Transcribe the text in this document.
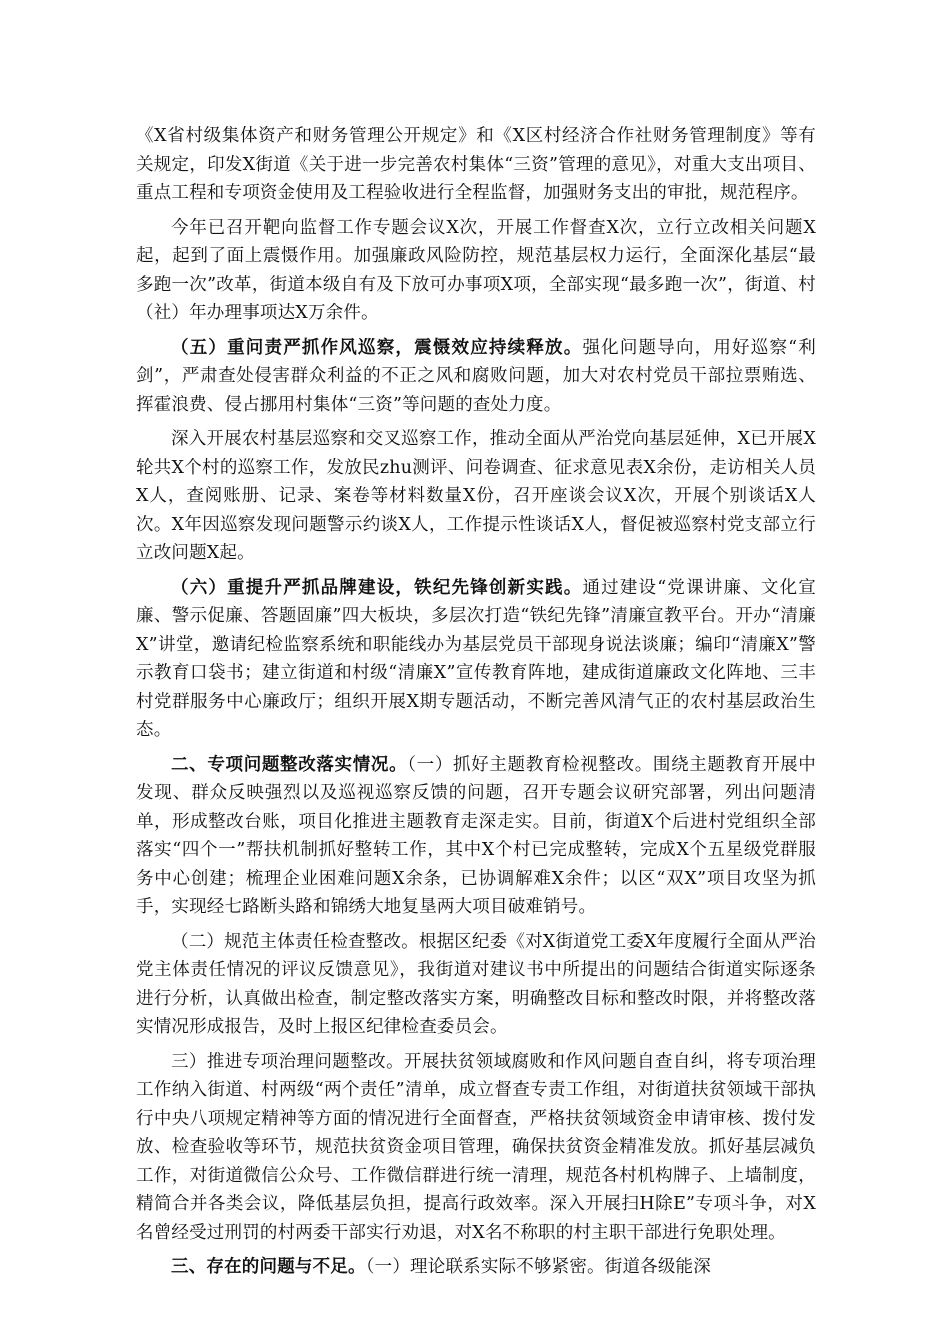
《X省村级集体资产和财务管理公开规定》和《X区村经济合作社财务管理制度》等有关规定，印发X街道《关于进一步完善农村集体“三资”管理的意见》，对重大支出项目、重点工程和专项资金使用及工程验收进行全程监督，加强财务支出的审批，规范程序。

今年已召开靶向监督工作专题会议X次，开展工作督查X次，立行立改相关问题X起，起到了面上震慑作用。加强廉政风险防控，规范基层权力运行，全面深化基层“最多跑一次”改革，街道本级自有及下放可办事项X项，全部实现“最多跑一次”，街道、村（社）年办理事项达X万余件。

（五）重问责严抓作风巡察，震慑效应持续释放。强化问题导向，用好巡察“利剑”，严肃查处侵害群众利益的不正之风和腐败问题，加大对农村党员干部拉票贿选、挥霍浪费、侵占挪用村集体“三资”等问题的查处力度。

深入开展农村基层巡察和交叉巡察工作，推动全面从严治党向基层延伸，X已开展X轮共X个村的巡察工作，发放民zhu测评、问卷调查、征求意见表X余份，走访相关人员X人，查阅账册、记录、案卷等材料数量X份，召开座谈会议X次，开展个别谈话X人次。X年因巡察发现问题警示约谈X人，工作提示性谈话X人，督促被巡察村党支部立行立改问题X起。

（六）重提升严抓品牌建设，铁纪先锋创新实践。通过建设“党课讲廉、文化宣廉、警示促廉、答题固廉”四大板块，多层次打造“铁纪先锋”清廉宣教平台。开办“清廉X”讲堂，邀请纪检监察系统和职能线办为基层党员干部现身说法谈廉；编印“清廉X”警示教育口袋书；建立街道和村级“清廉X”宣传教育阵地，建成街道廉政文化阵地、三丰村党群服务中心廉政厅；组织开展X期专题活动，不断完善风清气正的农村基层政治生态。

二、专项问题整改落实情况。（一）抓好主题教育检视整改。围绕主题教育开展中发现、群众反映强烈以及巡视巡察反馈的问题，召开专题会议研究部署，列出问题清单，形成整改台账，项目化推进主题教育走深走实。目前，街道X个后进村党组织全部落实“四个一”帮扶机制抓好整转工作，其中X个村已完成整转，完成X个五星级党群服务中心创建；梳理企业困难问题X余条，已协调解难X余件；以区“双X”项目攻坚为抓手，实现经七路断头路和锦绣大地复垦两大项目破难销号。

（二）规范主体责任检查整改。根据区纪委《对X街道党工委X年度履行全面从严治党主体责任情况的评议反馈意见》，我街道对建议书中所提出的问题结合街道实际逐条进行分析，认真做出检查，制定整改落实方案，明确整改目标和整改时限，并将整改落实情况形成报告，及时上报区纪律检查委员会。

三）推进专项治理问题整改。开展扶贫领域腐败和作风问题自查自纠，将专项治理工作纳入街道、村两级“两个责任”清单，成立督查专责工作组，对街道扶贫领域干部执行中央八项规定精神等方面的情况进行全面督查，严格扶贫领域资金申请审核、拨付发放、检查验收等环节，规范扶贫资金项目管理，确保扶贫资金精准发放。抓好基层减负工作，对街道微信公众号、工作微信群进行统一清理，规范各村机构牌子、上墙制度，精简合并各类会议，降低基层负担，提高行政效率。深入开展扫H除E”专项斗争，对X名曾经受过刑罚的村两委干部实行劝退，对X名不称职的村主职干部进行免职处理。

三、存在的问题与不足。（一）理论联系实际不够紧密。街道各级能深
